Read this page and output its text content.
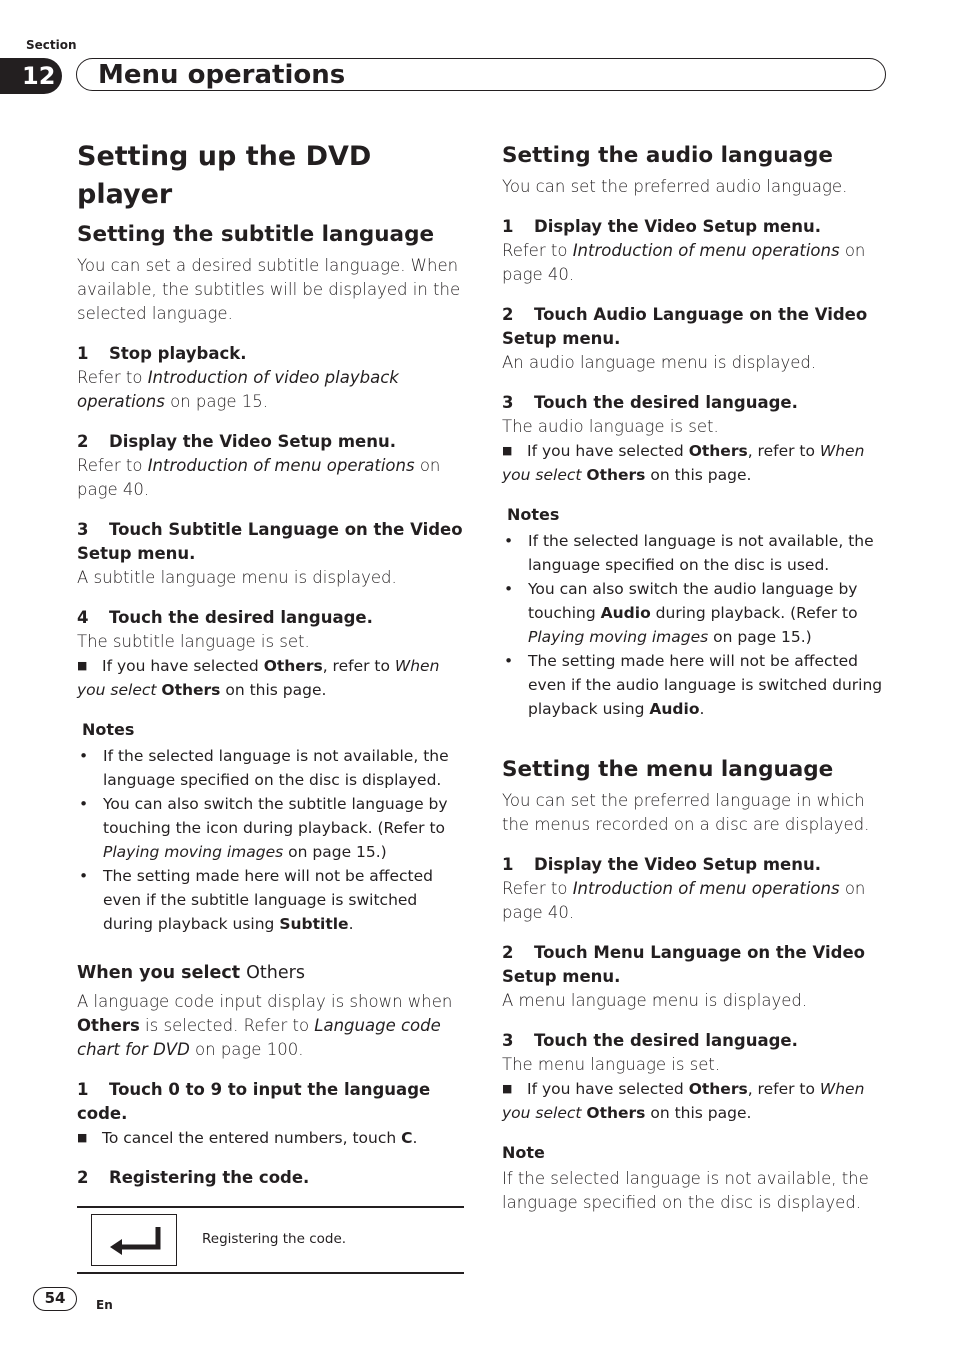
Section
12 Menu operations
Setting up the DVD player
Setting the subtitle language

You can set a desired subtitle language. When available, the subtitles will be displayed in the selected language.

1 Stop playback.

Refer to Introduction of video playback operations on page 15.

2 Display the Video Setup menu.

Refer to Introduction of menu operations on page 40.

3 Touch Subtitle Language on the Video Setup menu.

A subtitle language menu is displayed.

4 Touch the desired language.

The subtitle language is set.

■ If you have selected Others, refer to When you select Others on this page.

Notes

• If the selected language is not available, the language specified on the disc is displayed.

• You can also switch the subtitle language by touching the icon during playback. (Refer to Playing moving images on page 15.)

• The setting made here will not be affected even if the subtitle language is switched during playback using Subtitle.

When you select Others

A language code input display is shown when Others is selected. Refer to Language code chart for DVD on page 100.

1 Touch 0 to 9 to input the language code.

■ To cancel the entered numbers, touch C.

2 Registering the code.
Registering the code.
Setting the audio language

You can set the preferred audio language.

1 Display the Video Setup menu.

Refer to Introduction of menu operations on page 40.

2 Touch Audio Language on the Video Setup menu.

An audio language menu is displayed.

3 Touch the desired language.

The audio language is set.

■ If you have selected Others, refer to When you select Others on this page.

Notes

• If the selected language is not available, the language specified on the disc is used.

• You can also switch the audio language by touching Audio during playback. (Refer to Playing moving images on page 15.)

• The setting made here will not be affected even if the audio language is switched during playback using Audio.

Setting the menu language

You can set the preferred language in which the menus recorded on a disc are displayed.

1 Display the Video Setup menu.

Refer to Introduction of menu operations on page 40.

2 Touch Menu Language on the Video Setup menu.

A menu language menu is displayed.

3 Touch the desired language.

The menu language is set.

■ If you have selected Others, refer to When you select Others on this page.

Note

If the selected language is not available, the language specified on the disc is displayed.

54	En
